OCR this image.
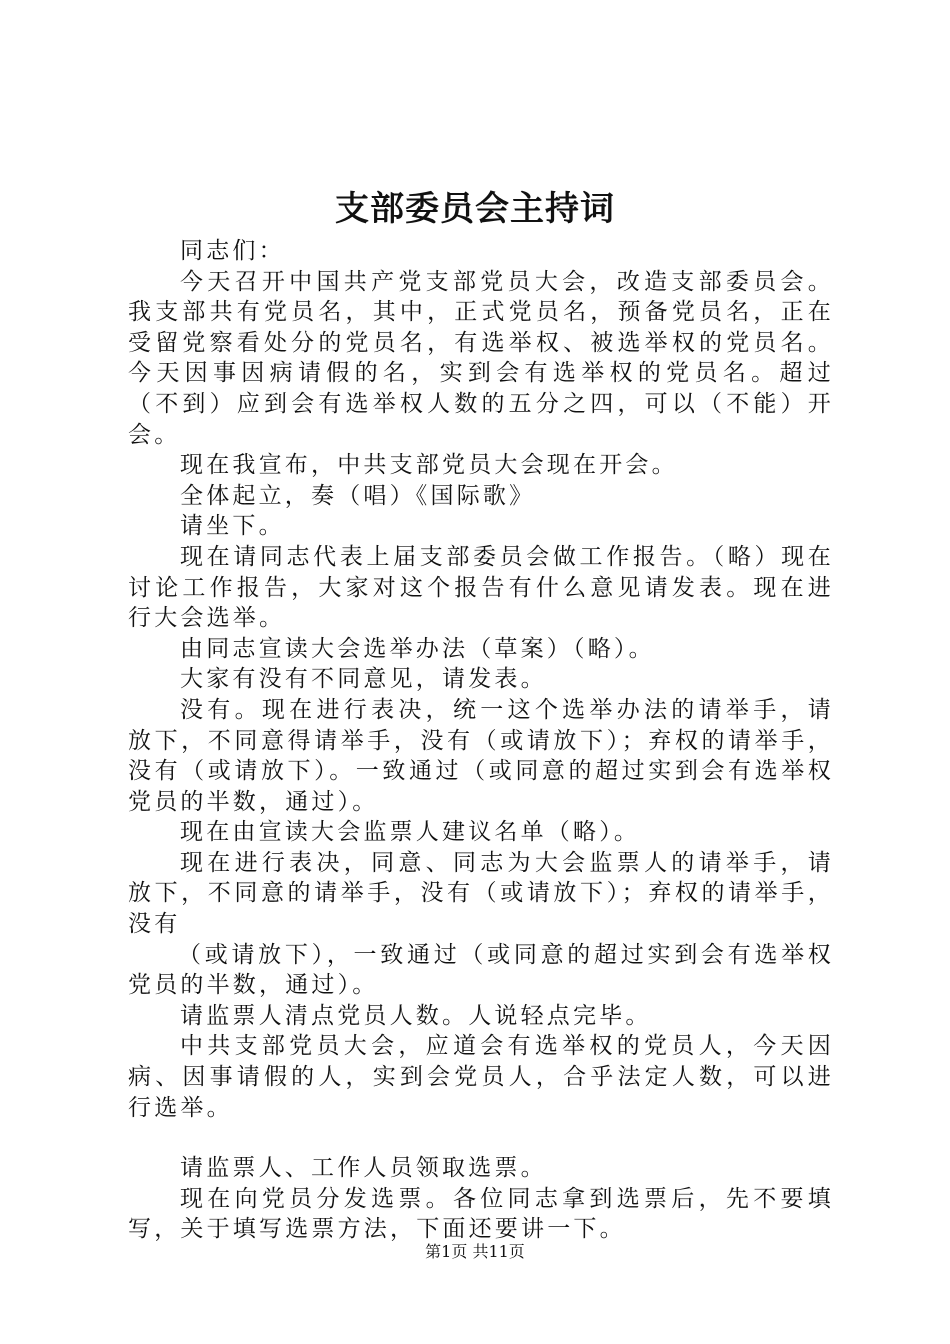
支部委员会主持词

同志们：

今天召开中国共产党支部党员大会，改造支部委员会。我支部共有党员名，其中，正式党员名，预备党员名，正在受留党察看处分的党员名，有选举权、被选举权的党员名。今天因事因病请假的名，实到会有选举权的党员名。超过（不到）应到会有选举权人数的五分之四，可以（不能）开会。

现在我宣布，中共支部党员大会现在开会。

全体起立，奏（唱）《国际歌》

请坐下。

现在请同志代表上届支部委员会做工作报告。（略）现在讨论工作报告，大家对这个报告有什么意见请发表。现在进行大会选举。

由同志宣读大会选举办法（草案）（略）。

大家有没有不同意见，请发表。

没有。现在进行表决，统一这个选举办法的请举手，请放下，不同意得请举手，没有（或请放下）；弃权的请举手，没有（或请放下）。一致通过（或同意的超过实到会有选举权党员的半数，通过）。

现在由宣读大会监票人建议名单（略）。

现在进行表决，同意、同志为大会监票人的请举手，请放下，不同意的请举手，没有（或请放下）；弃权的请举手，没有

（或请放下），一致通过（或同意的超过实到会有选举权党员的半数，通过）。

请监票人清点党员人数。人说轻点完毕。

中共支部党员大会，应道会有选举权的党员人，今天因病、因事请假的人，实到会党员人，合乎法定人数，可以进行选举。

请监票人、工作人员领取选票。

现在向党员分发选票。各位同志拿到选票后，先不要填写，关于填写选票方法，下面还要讲一下。

第1页 共11页
